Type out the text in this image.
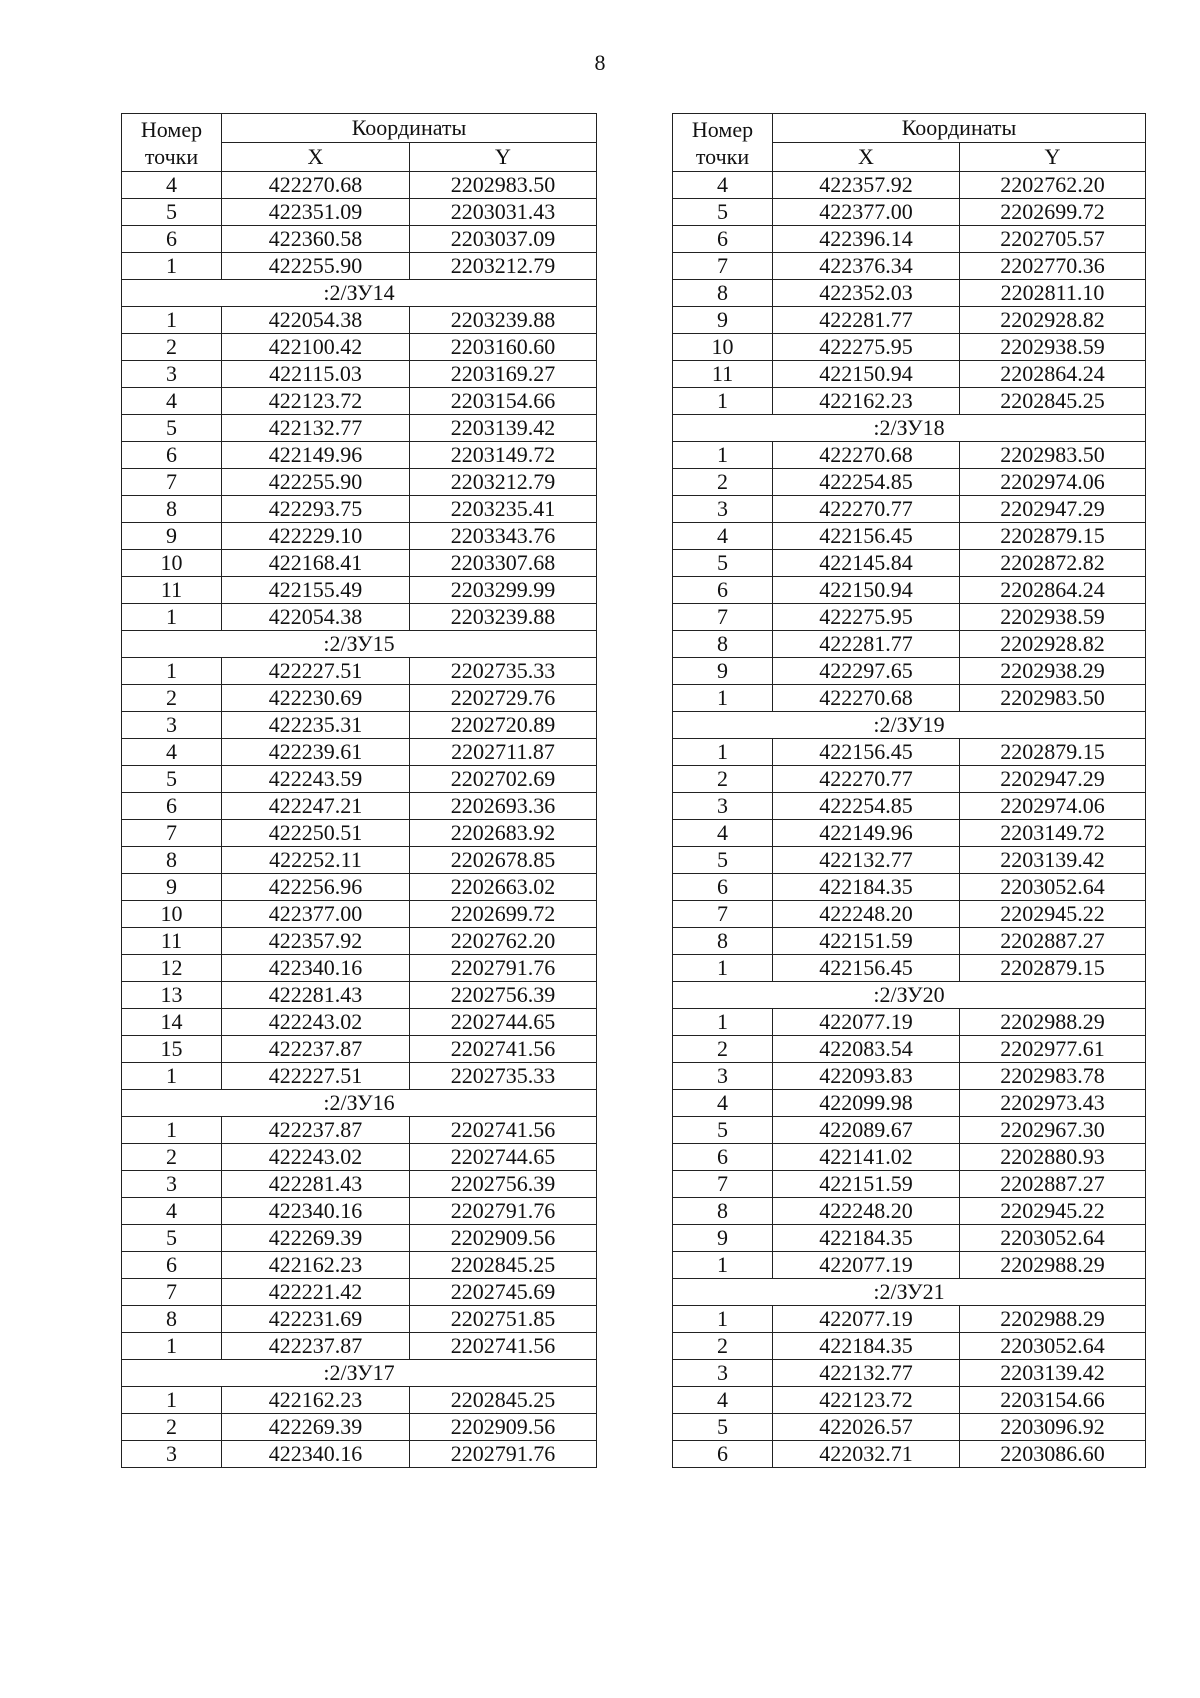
8
Номер
точки	Координаты	
	X	Y
4	422270.68	2202983.50
5	422351.09	2203031.43
6	422360.58	2203037.09
1	422255.90	2203212.79
:2/ЗУ14		
1	422054.38	2203239.88
2	422100.42	2203160.60
3	422115.03	2203169.27
4	422123.72	2203154.66
5	422132.77	2203139.42
6	422149.96	2203149.72
7	422255.90	2203212.79
8	422293.75	2203235.41
9	422229.10	2203343.76
10	422168.41	2203307.68
11	422155.49	2203299.99
1	422054.38	2203239.88
:2/ЗУ15		
1	422227.51	2202735.33
2	422230.69	2202729.76
3	422235.31	2202720.89
4	422239.61	2202711.87
5	422243.59	2202702.69
6	422247.21	2202693.36
7	422250.51	2202683.92
8	422252.11	2202678.85
9	422256.96	2202663.02
10	422377.00	2202699.72
11	422357.92	2202762.20
12	422340.16	2202791.76
13	422281.43	2202756.39
14	422243.02	2202744.65
15	422237.87	2202741.56
1	422227.51	2202735.33
:2/ЗУ16		
1	422237.87	2202741.56
2	422243.02	2202744.65
3	422281.43	2202756.39
4	422340.16	2202791.76
5	422269.39	2202909.56
6	422162.23	2202845.25
7	422221.42	2202745.69
8	422231.69	2202751.85
1	422237.87	2202741.56
:2/ЗУ17		
1	422162.23	2202845.25
2	422269.39	2202909.56
3	422340.16	2202791.76
Номер
точки	Координаты	
	X	Y
4	422357.92	2202762.20
5	422377.00	2202699.72
6	422396.14	2202705.57
7	422376.34	2202770.36
8	422352.03	2202811.10
9	422281.77	2202928.82
10	422275.95	2202938.59
11	422150.94	2202864.24
1	422162.23	2202845.25
:2/ЗУ18		
1	422270.68	2202983.50
2	422254.85	2202974.06
3	422270.77	2202947.29
4	422156.45	2202879.15
5	422145.84	2202872.82
6	422150.94	2202864.24
7	422275.95	2202938.59
8	422281.77	2202928.82
9	422297.65	2202938.29
1	422270.68	2202983.50
:2/ЗУ19		
1	422156.45	2202879.15
2	422270.77	2202947.29
3	422254.85	2202974.06
4	422149.96	2203149.72
5	422132.77	2203139.42
6	422184.35	2203052.64
7	422248.20	2202945.22
8	422151.59	2202887.27
1	422156.45	2202879.15
:2/ЗУ20		
1	422077.19	2202988.29
2	422083.54	2202977.61
3	422093.83	2202983.78
4	422099.98	2202973.43
5	422089.67	2202967.30
6	422141.02	2202880.93
7	422151.59	2202887.27
8	422248.20	2202945.22
9	422184.35	2203052.64
1	422077.19	2202988.29
:2/ЗУ21		
1	422077.19	2202988.29
2	422184.35	2203052.64
3	422132.77	2203139.42
4	422123.72	2203154.66
5	422026.57	2203096.92
6	422032.71	2203086.60
